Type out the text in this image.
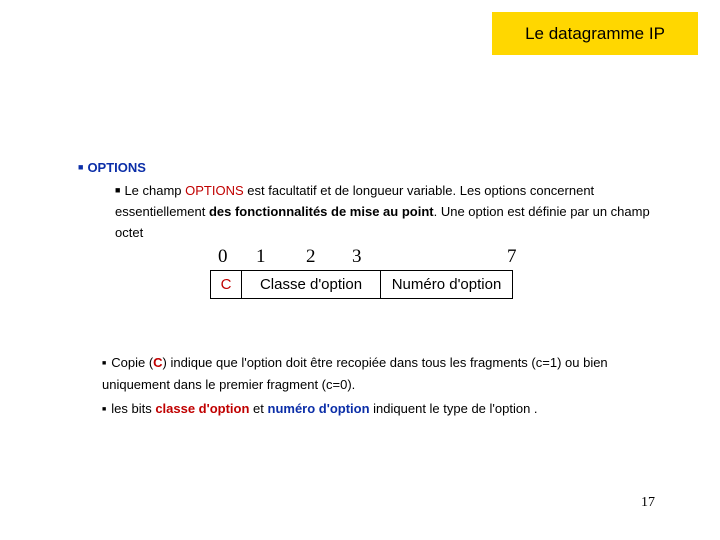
Le datagramme IP
■ OPTIONS
■ Le champ OPTIONS est facultatif et de longueur variable. Les options concernent essentiellement des fonctionnalités de mise au point. Une option est définie par un champ octet
0 1 2 3	7
C	Classe d'option	Numéro d'option
■ Copie (C) indique que l'option doit être recopiée dans tous les fragments (c=1) ou bien uniquement dans le premier fragment (c=0).
■ les bits classe d'option et numéro d'option indiquent le type de l'option .
17
